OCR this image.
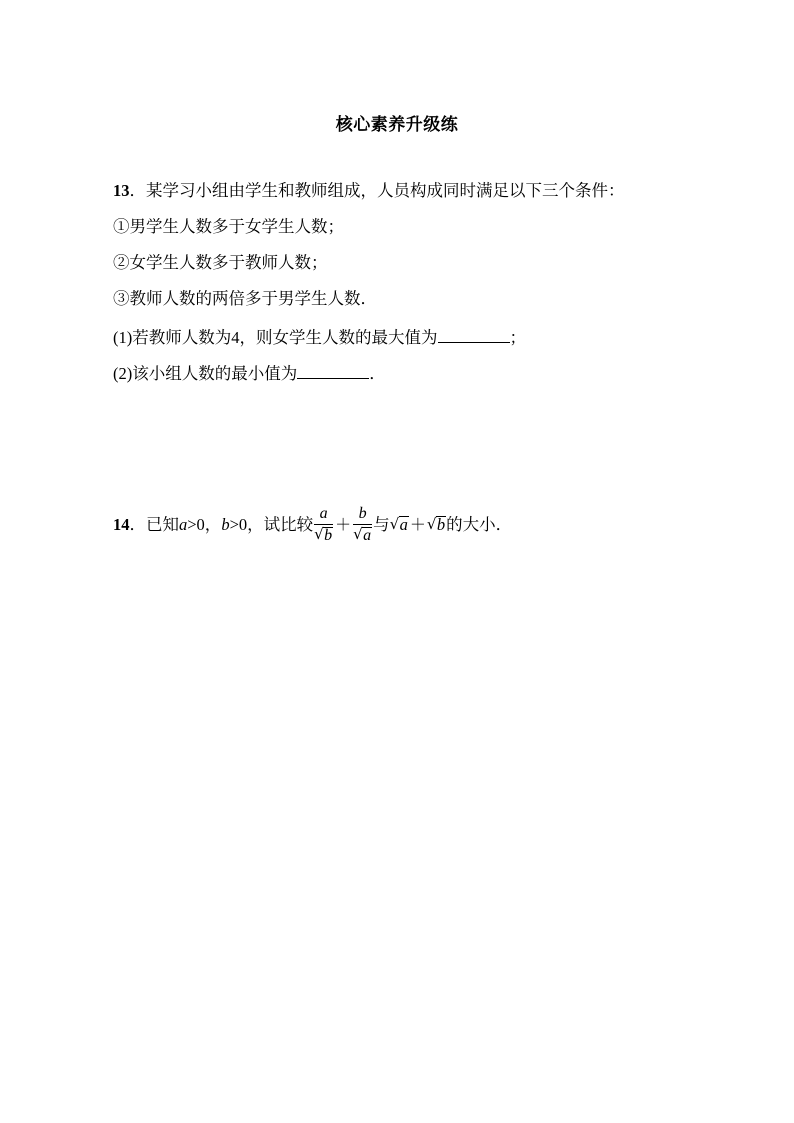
核心素养升级练
13．某学习小组由学生和教师组成，人员构成同时满足以下三个条件：
①男学生人数多于女学生人数；
②女学生人数多于教师人数；
③教师人数的两倍多于男学生人数．
(1)若教师人数为4，则女学生人数的最大值为	；
(2)该小组人数的最小值为	．
14．已知a>0，b>0，试比较 $\frac{a}{√ b} + \frac{b}{√ a}$ 与 √ a ＋ √ b的大小．
